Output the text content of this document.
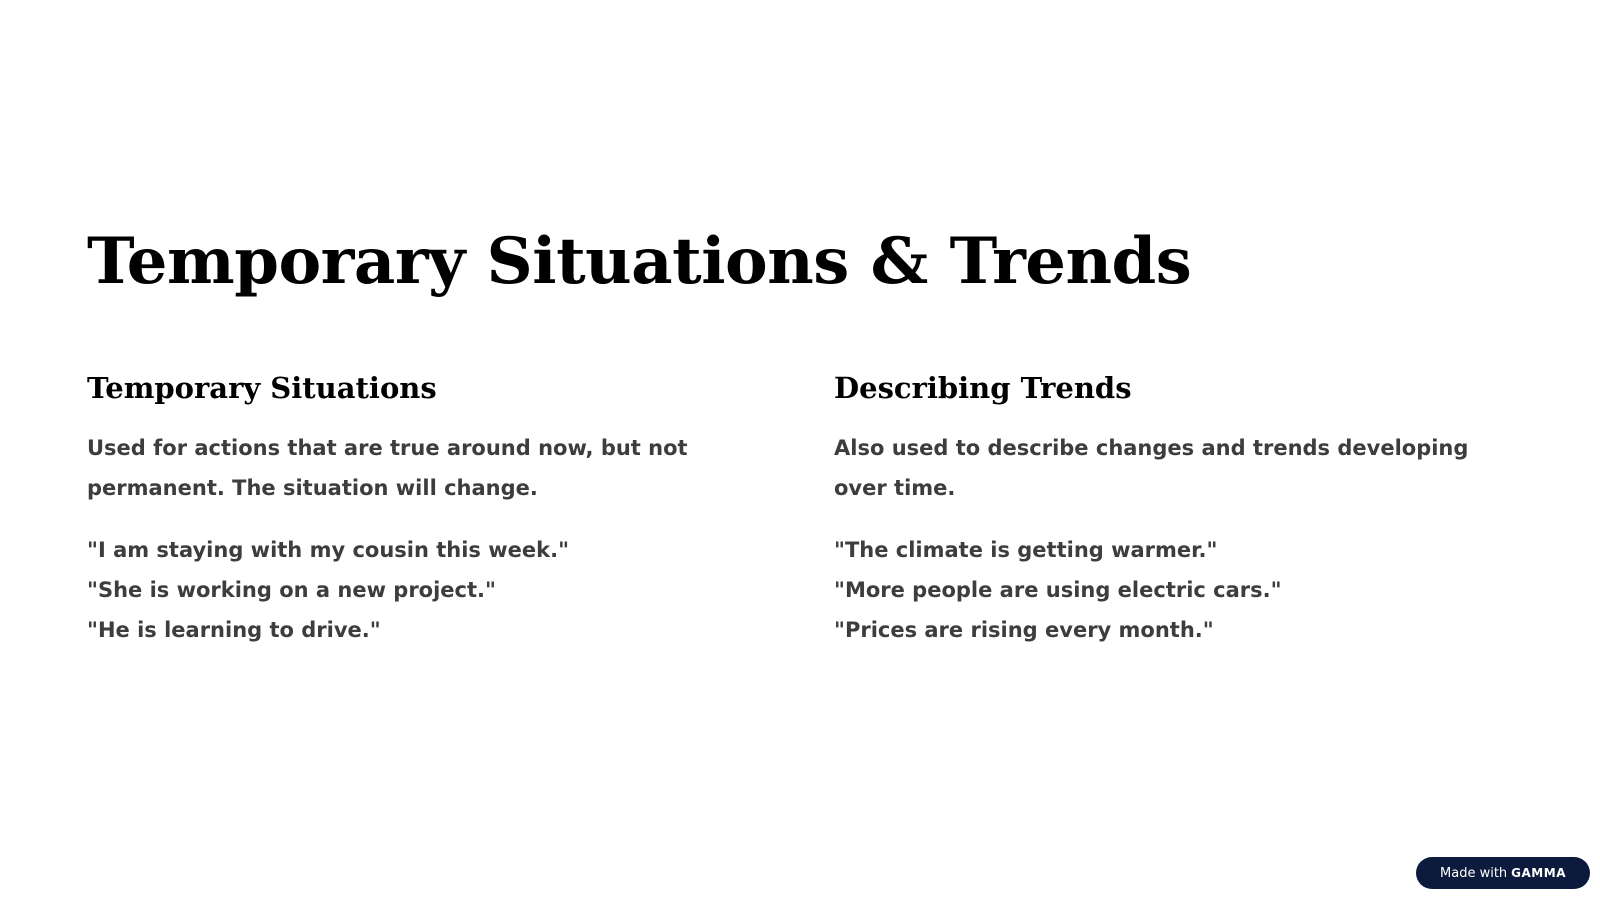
Temporary Situations & Trends
Temporary Situations

Used for actions that are true around now, but not permanent. The situation will change.

"I am staying with my cousin this week."
"She is working on a new project."
"He is learning to drive."
Describing Trends

Also used to describe changes and trends developing over time.

"The climate is getting warmer."
"More people are using electric cars."
"Prices are rising every month."
Made with GAMMA
